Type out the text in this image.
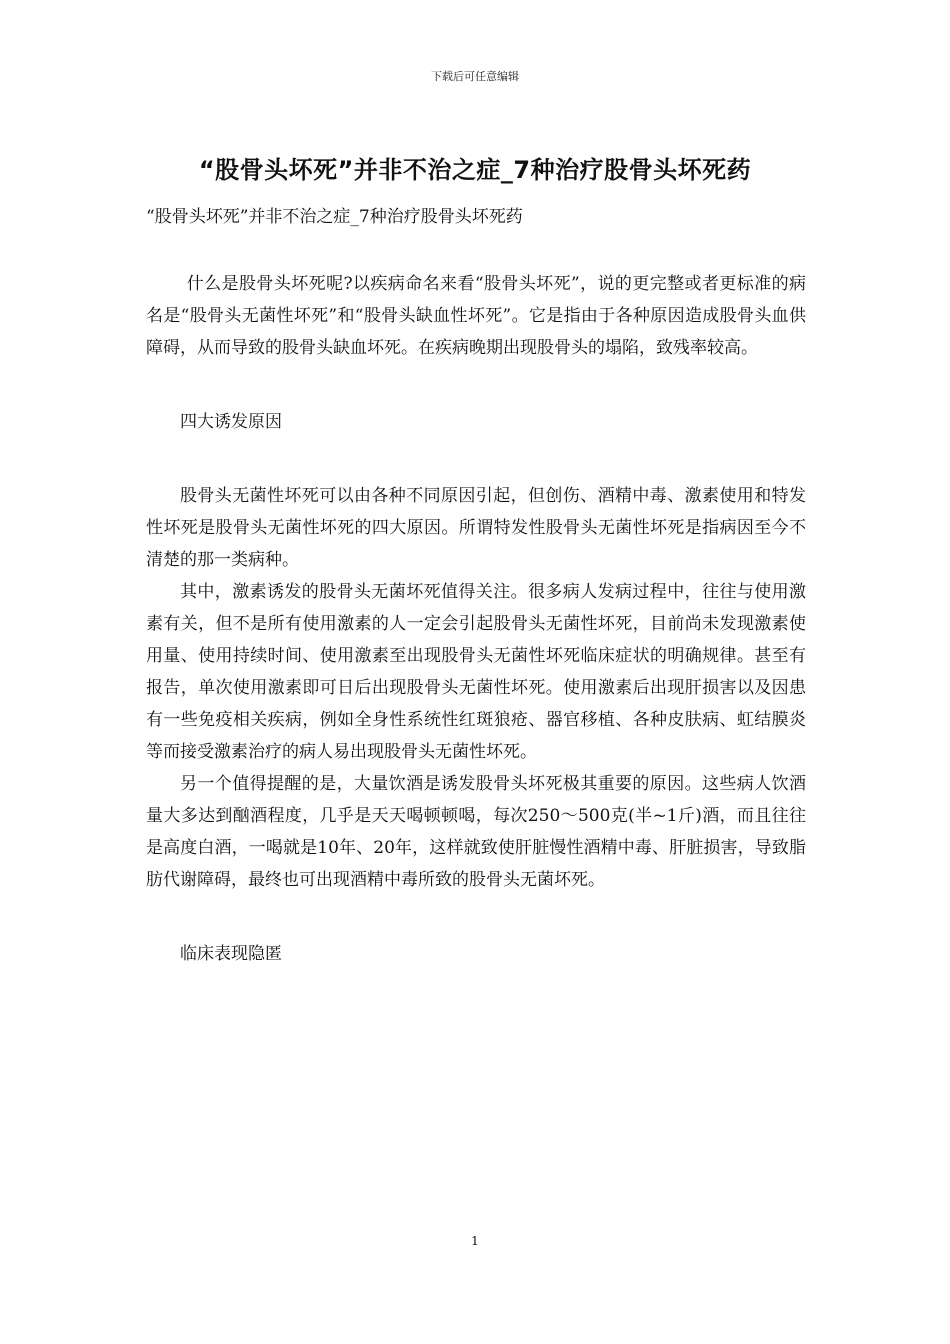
下载后可任意编辑
“股骨头坏死”并非不治之症_7种治疗股骨头坏死药
“股骨头坏死”并非不治之症_7种治疗股骨头坏死药

什么是股骨头坏死呢?以疾病命名来看“股骨头坏死”，说的更完整或者更标准的病名是“股骨头无菌性坏死”和“股骨头缺血性坏死”。它是指由于各种原因造成股骨头血供障碍，从而导致的股骨头缺血坏死。在疾病晚期出现股骨头的塌陷，致残率较高。

四大诱发原因

股骨头无菌性坏死可以由各种不同原因引起，但创伤、酒精中毒、激素使用和特发性坏死是股骨头无菌性坏死的四大原因。所谓特发性股骨头无菌性坏死是指病因至今不清楚的那一类病种。

其中，激素诱发的股骨头无菌坏死值得关注。很多病人发病过程中，往往与使用激素有关，但不是所有使用激素的人一定会引起股骨头无菌性坏死，目前尚未发现激素使用量、使用持续时间、使用激素至出现股骨头无菌性坏死临床症状的明确规律。甚至有报告，单次使用激素即可日后出现股骨头无菌性坏死。使用激素后出现肝损害以及因患有一些免疫相关疾病，例如全身性系统性红斑狼疮、器官移植、各种皮肤病、虹结膜炎等而接受激素治疗的病人易出现股骨头无菌性坏死。

另一个值得提醒的是，大量饮酒是诱发股骨头坏死极其重要的原因。这些病人饮酒量大多达到酗酒程度，几乎是天天喝顿顿喝，每次250～500克(半~1斤)酒，而且往往是高度白酒，一喝就是10年、20年，这样就致使肝脏慢性酒精中毒、肝脏损害，导致脂肪代谢障碍，最终也可出现酒精中毒所致的股骨头无菌坏死。

临床表现隐匿

1
